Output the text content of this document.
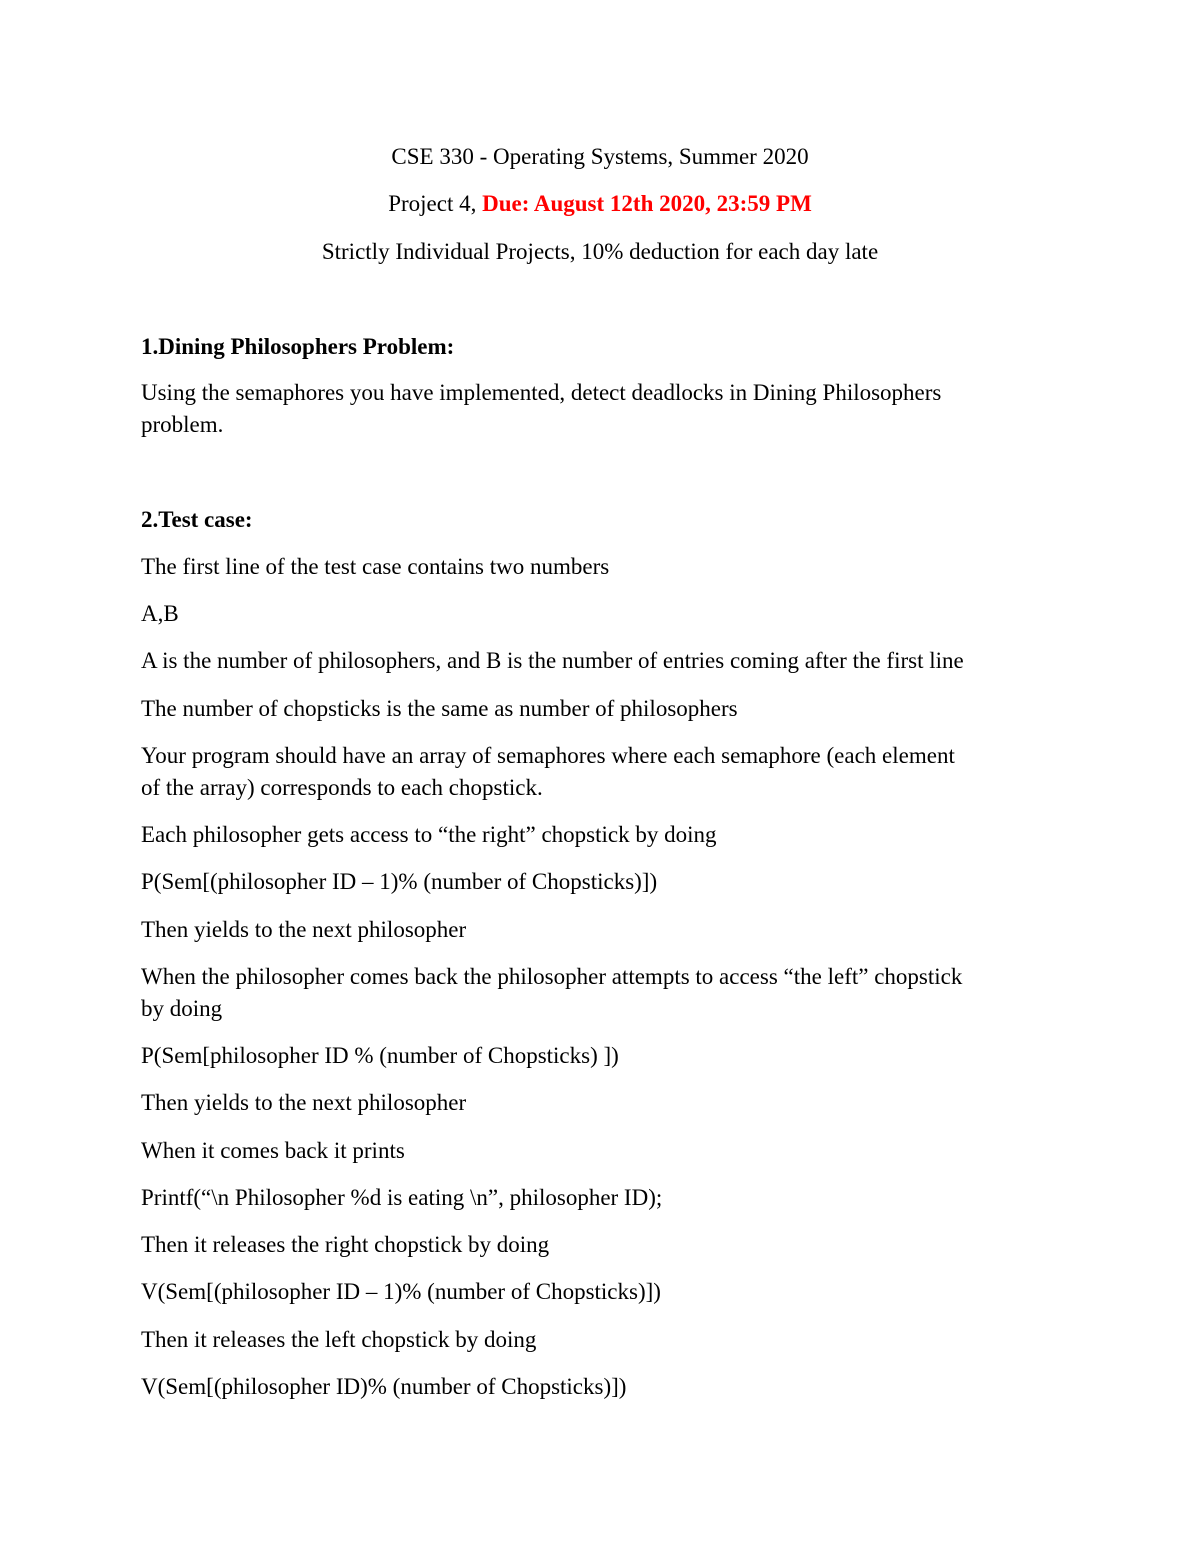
CSE 330 - Operating Systems, Summer 2020

Project 4, Due: August 12th 2020, 23:59 PM

Strictly Individual Projects, 10% deduction for each day late

1.Dining Philosophers Problem:

Using the semaphores you have implemented, detect deadlocks in Dining Philosophers

problem.

2.Test case:

The first line of the test case contains two numbers

A,B

A is the number of philosophers, and B is the number of entries coming after the first line

The number of chopsticks is the same as number of philosophers

Your program should have an array of semaphores where each semaphore (each element

of the array) corresponds to each chopstick.

Each philosopher gets access to “the right” chopstick by doing

P(Sem[(philosopher ID – 1)% (number of Chopsticks)])

Then yields to the next philosopher

When the philosopher comes back the philosopher attempts to access “the left” chopstick

by doing

P(Sem[philosopher ID % (number of Chopsticks) ])

Then yields to the next philosopher

When it comes back it prints

Printf(“\n Philosopher %d is eating \n”, philosopher ID);

Then it releases the right chopstick by doing

V(Sem[(philosopher ID – 1)% (number of Chopsticks)])

Then it releases the left chopstick by doing

V(Sem[(philosopher ID)% (number of Chopsticks)])
